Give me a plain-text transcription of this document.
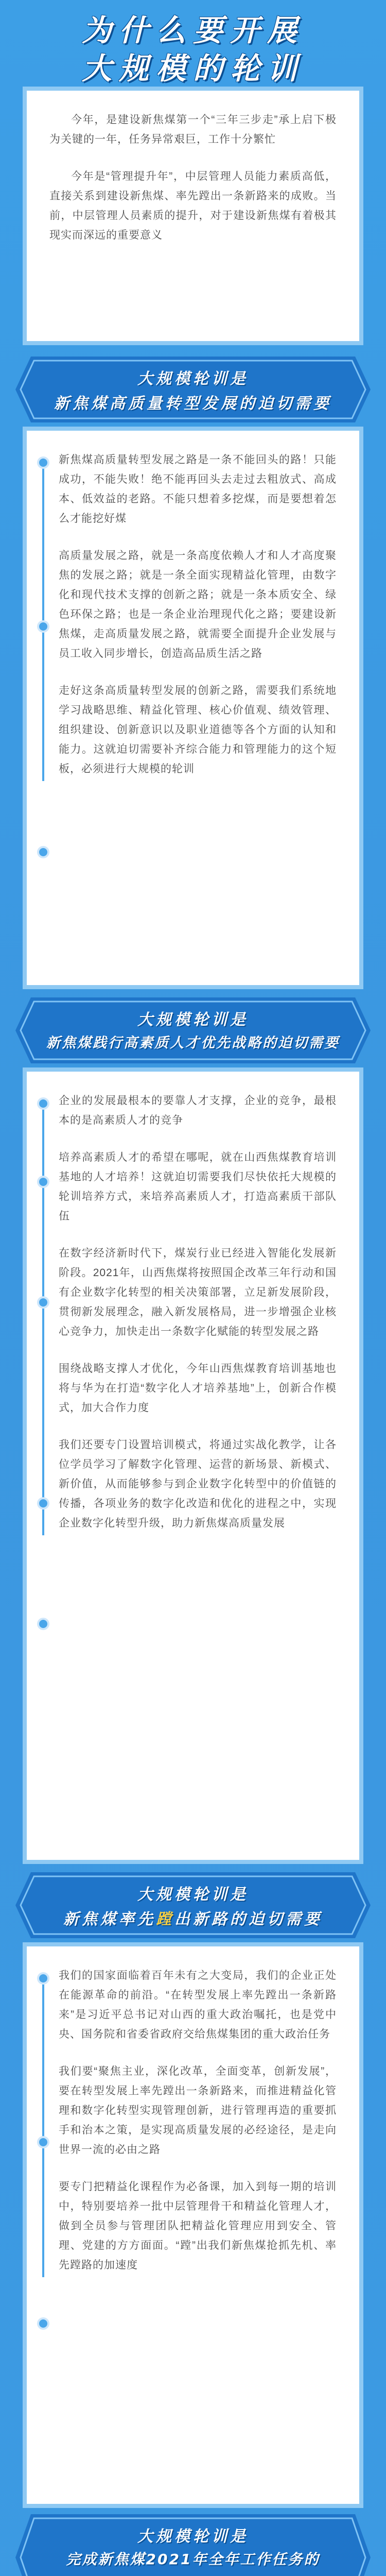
为什么要开展
大规模的轮训

今年，是建设新焦煤第一个“三年三步走”承上启下极为关键的一年，任务异常艰巨，工作十分繁忙

今年是“管理提升年”，中层管理人员能力素质高低，直接关系到建设新焦煤、率先蹚出一条新路来的成败。当前，中层管理人员素质的提升，对于建设新焦煤有着极其现实而深远的重要意义

大规模轮训是
新焦煤高质量转型发展的迫切需要

新焦煤高质量转型发展之路是一条不能回头的路！只能成功，不能失败！绝不能再回头去走过去粗放式、高成本、低效益的老路。不能只想着多挖煤，而是要想着怎么才能挖好煤

高质量发展之路，就是一条高度依赖人才和人才高度聚焦的发展之路；就是一条全面实现精益化管理，由数字化和现代技术支撑的创新之路；就是一条本质安全、绿色环保之路；也是一条企业治理现代化之路；要建设新焦煤，走高质量发展之路，就需要全面提升企业发展与员工收入同步增长，创造高品质生活之路

走好这条高质量转型发展的创新之路，需要我们系统地学习战略思维、精益化管理、核心价值观、绩效管理、组织建设、创新意识以及职业道德等各个方面的认知和能力。这就迫切需要补齐综合能力和管理能力的这个短板，必须进行大规模的轮训

大规模轮训是
新焦煤践行高素质人才优先战略的迫切需要

企业的发展最根本的要靠人才支撑，企业的竞争，最根本的是高素质人才的竞争

培养高素质人才的希望在哪呢，就在山西焦煤教育培训基地的人才培养！这就迫切需要我们尽快依托大规模的轮训培养方式，来培养高素质人才，打造高素质干部队伍

在数字经济新时代下，煤炭行业已经进入智能化发展新阶段。2021年，山西焦煤将按照国企改革三年行动和国有企业数字化转型的相关决策部署，立足新发展阶段，贯彻新发展理念，融入新发展格局，进一步增强企业核心竞争力，加快走出一条数字化赋能的转型发展之路

围绕战略支撑人才优化，今年山西焦煤教育培训基地也将与华为在打造“数字化人才培养基地”上，创新合作模式，加大合作力度

我们还要专门设置培训模式，将通过实战化教学，让各位学员学习了解数字化管理、运营的新场景、新模式、新价值，从而能够参与到企业数字化转型中的价值链的传播，各项业务的数字化改造和优化的进程之中，实现企业数字化转型升级，助力新焦煤高质量发展

大规模轮训是
新焦煤率先蹚出新路的迫切需要

我们的国家面临着百年未有之大变局，我们的企业正处在能源革命的前沿。“在转型发展上率先蹚出一条新路来”是习近平总书记对山西的重大政治嘱托，也是党中央、国务院和省委省政府交给焦煤集团的重大政治任务

我们要“聚焦主业，深化改革，全面变革，创新发展”，要在转型发展上率先蹚出一条新路来，而推进精益化管理和数字化转型实现管理创新，进行管理再造的重要抓手和治本之策，是实现高质量发展的必经途径，是走向世界一流的必由之路

要专门把精益化课程作为必备课，加入到每一期的培训中，特别要培养一批中层管理骨干和精益化管理人才，做到全员参与管理团队把精益化管理应用到安全、管理、党建的方方面面。“蹚”出我们新焦煤抢抓先机、率先蹚路的加速度

大规模轮训是
完成新焦煤2021年全年工作任务的
